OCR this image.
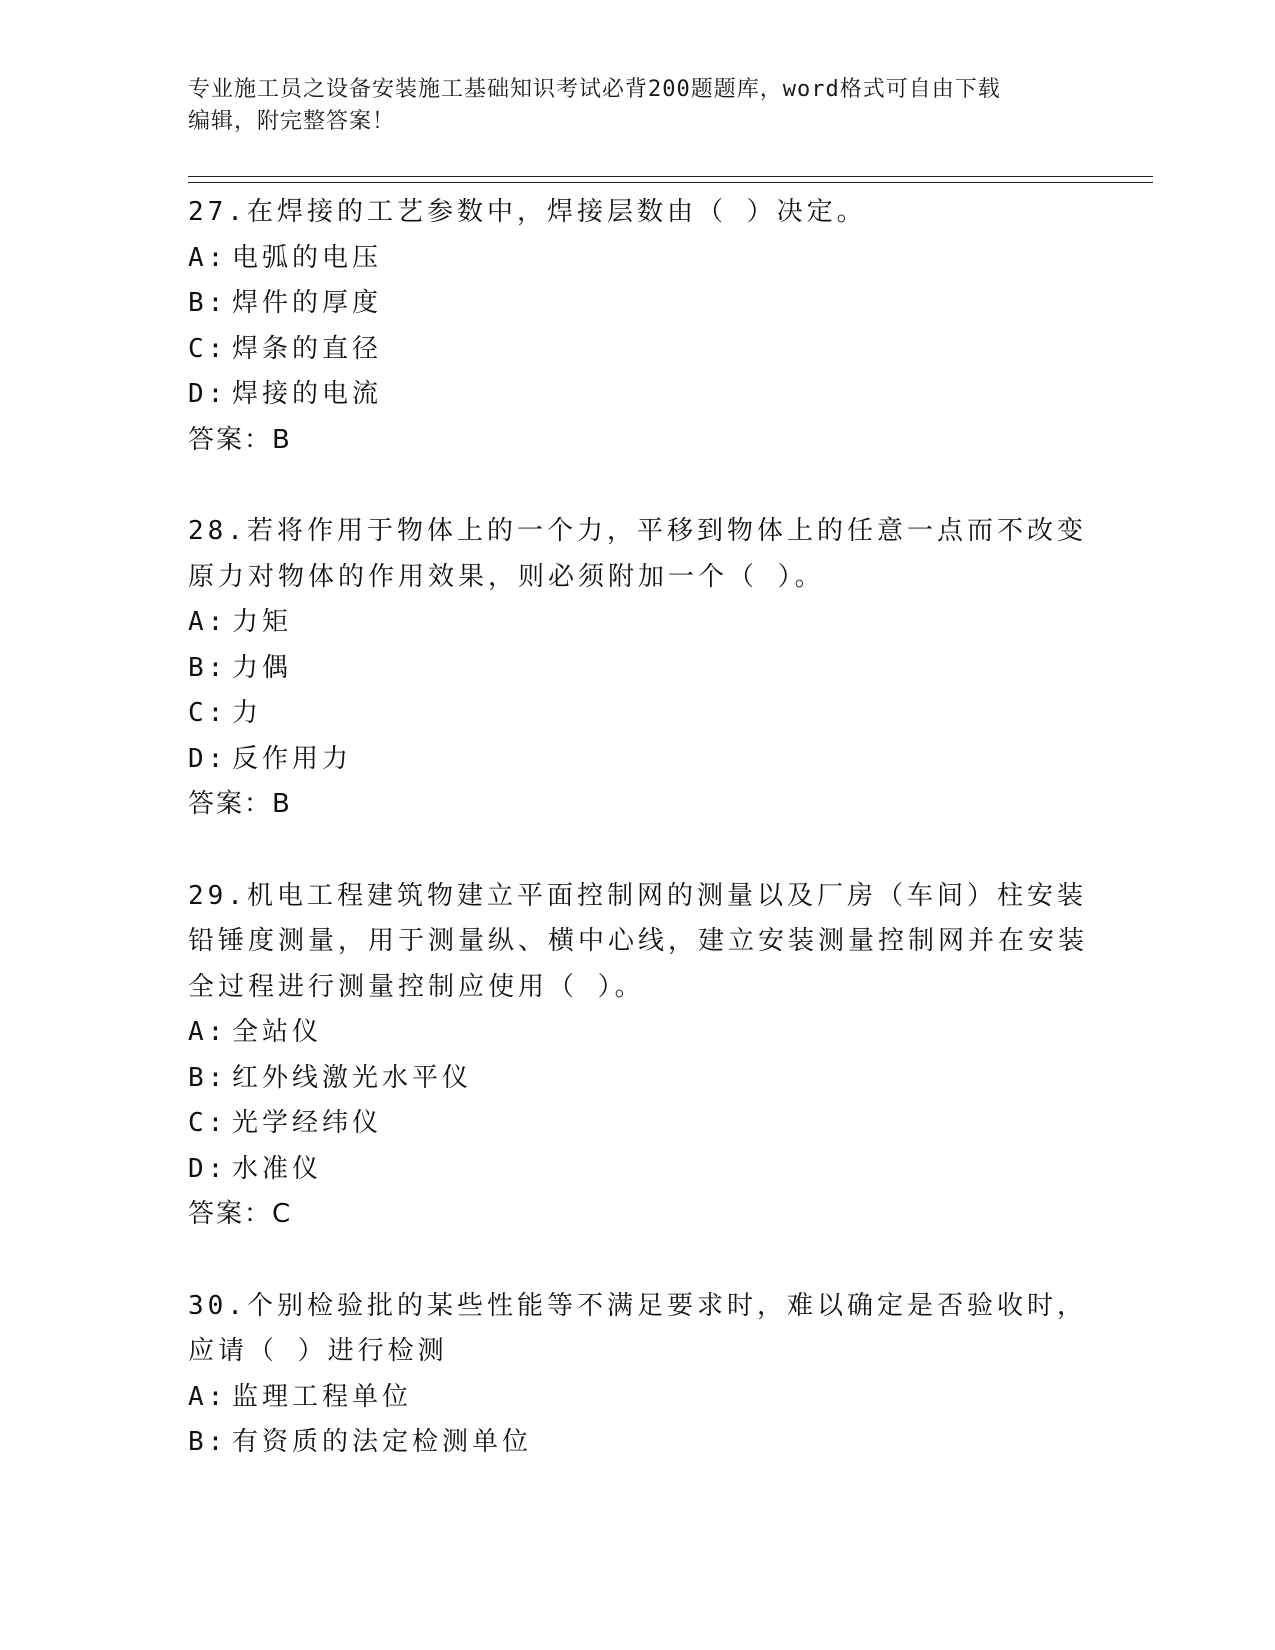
专业施工员之设备安装施工基础知识考试必背200题题库，word格式可自由下载
编辑，附完整答案！
27.在焊接的工艺参数中，焊接层数由（ ）决定。
A: 电弧的电压
B: 焊件的厚度
C: 焊条的直径
D: 焊接的电流
答案：B
28.若将作用于物体上的一个力，平移到物体上的任意一点而不改变原力对物体的作用效果，则必须附加一个（ ）。
A: 力矩
B: 力偶
C: 力
D: 反作用力
答案：B
29.机电工程建筑物建立平面控制网的测量以及厂房（车间）柱安装铅锤度测量，用于测量纵、横中心线，建立安装测量控制网并在安装全过程进行测量控制应使用（ ）。
A: 全站仪
B: 红外线激光水平仪
C: 光学经纬仪
D: 水准仪
答案：C
30.个别检验批的某些性能等不满足要求时，难以确定是否验收时，应请（ ）进行检测
A: 监理工程单位
B: 有资质的法定检测单位
